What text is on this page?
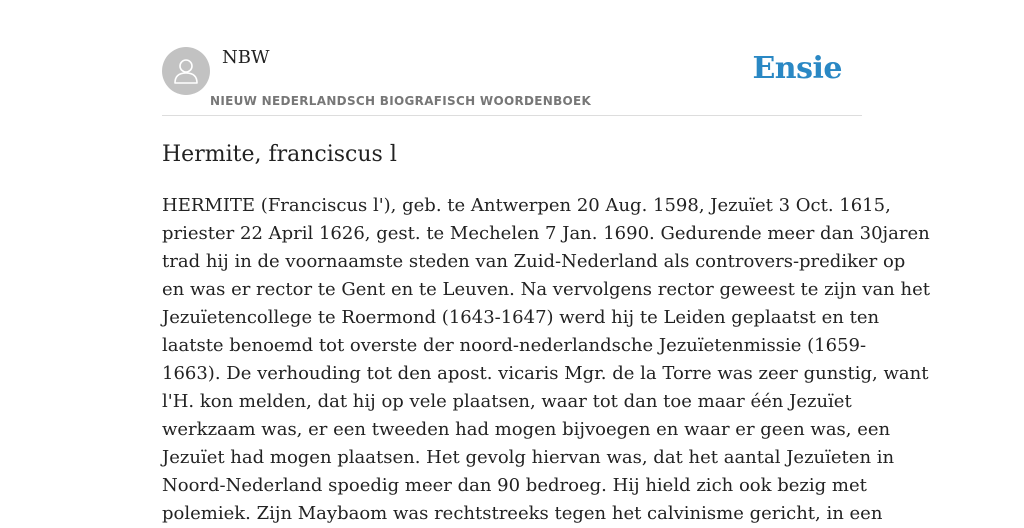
NBW
NIEUW NEDERLANDSCH BIOGRAFISCH WOORDENBOEK
Ensie
Hermite, franciscus l
HERMITE (Franciscus l'), geb. te Antwerpen 20 Aug. 1598, Jezuïet 3 Oct. 1615,
priester 22 April 1626, gest. te Mechelen 7 Jan. 1690. Gedurende meer dan 30jaren
trad hij in de voornaamste steden van Zuid-Nederland als controvers-prediker op
en was er rector te Gent en te Leuven. Na vervolgens rector geweest te zijn van het
Jezuïetencollege te Roermond (1643-1647) werd hij te Leiden geplaatst en ten
laatste benoemd tot overste der noord-nederlandsche Jezuïetenmissie (1659-
1663). De verhouding tot den apost. vicaris Mgr. de la Torre was zeer gunstig, want
l'H. kon melden, dat hij op vele plaatsen, waar tot dan toe maar één Jezuïet
werkzaam was, er een tweeden had mogen bijvoegen en waar er geen was, een
Jezuïet had mogen plaatsen. Het gevolg hiervan was, dat het aantal Jezuïeten in
Noord-Nederland spoedig meer dan 90 bedroeg. Hij hield zich ook bezig met
polemiek. Zijn Maybaom was rechtstreeks tegen het calvinisme gericht, in een
